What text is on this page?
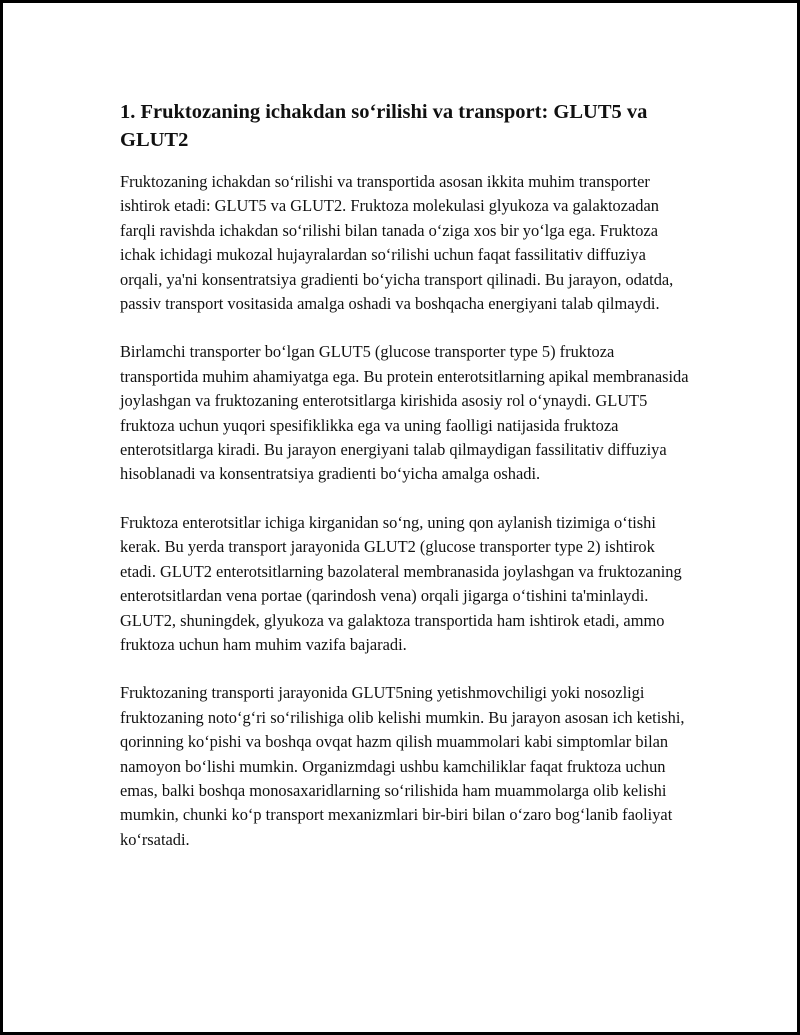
1. Fruktozaning ichakdan so‘rilishi va transport: GLUT5 va GLUT2

Fruktozaning ichakdan so‘rilishi va transportida asosan ikkita muhim transporter ishtirok etadi: GLUT5 va GLUT2. Fruktoza molekulasi glyukoza va galaktozadan farqli ravishda ichakdan so‘rilishi bilan tanada o‘ziga xos bir yo‘lga ega. Fruktoza ichak ichidagi mukozal hujayralardan so‘rilishi uchun faqat fassilitativ diffuziya orqali, ya'ni konsentratsiya gradienti bo‘yicha transport qilinadi. Bu jarayon, odatda, passiv transport vositasida amalga oshadi va boshqacha energiyani talab qilmaydi.

Birlamchi transporter bo‘lgan GLUT5 (glucose transporter type 5) fruktoza transportida muhim ahamiyatga ega. Bu protein enterotsitlarning apikal membranasida joylashgan va fruktozaning enterotsitlarga kirishida asosiy rol o‘ynaydi. GLUT5 fruktoza uchun yuqori spesifiklikka ega va uning faolligi natijasida fruktoza enterotsitlarga kiradi. Bu jarayon energiyani talab qilmaydigan fassilitativ diffuziya hisoblanadi va konsentratsiya gradienti bo‘yicha amalga oshadi.

Fruktoza enterotsitlar ichiga kirganidan so‘ng, uning qon aylanish tizimiga o‘tishi kerak. Bu yerda transport jarayonida GLUT2 (glucose transporter type 2) ishtirok etadi. GLUT2 enterotsitlarning bazolateral membranasida joylashgan va fruktozaning enterotsitlardan vena portae (qarindosh vena) orqali jigarga o‘tishini ta'minlaydi. GLUT2, shuningdek, glyukoza va galaktoza transportida ham ishtirok etadi, ammo fruktoza uchun ham muhim vazifa bajaradi.

Fruktozaning transporti jarayonida GLUT5ning yetishmovchiligi yoki nosozligi fruktozaning noto‘g‘ri so‘rilishiga olib kelishi mumkin. Bu jarayon asosan ich ketishi, qorinning ko‘pishi va boshqa ovqat hazm qilish muammolari kabi simptomlar bilan namoyon bo‘lishi mumkin. Organizmdagi ushbu kamchiliklar faqat fruktoza uchun emas, balki boshqa monosaxaridlarning so‘rilishida ham muammolarga olib kelishi mumkin, chunki ko‘p transport mexanizmlari bir-biri bilan o‘zaro bog‘lanib faoliyat ko‘rsatadi.
